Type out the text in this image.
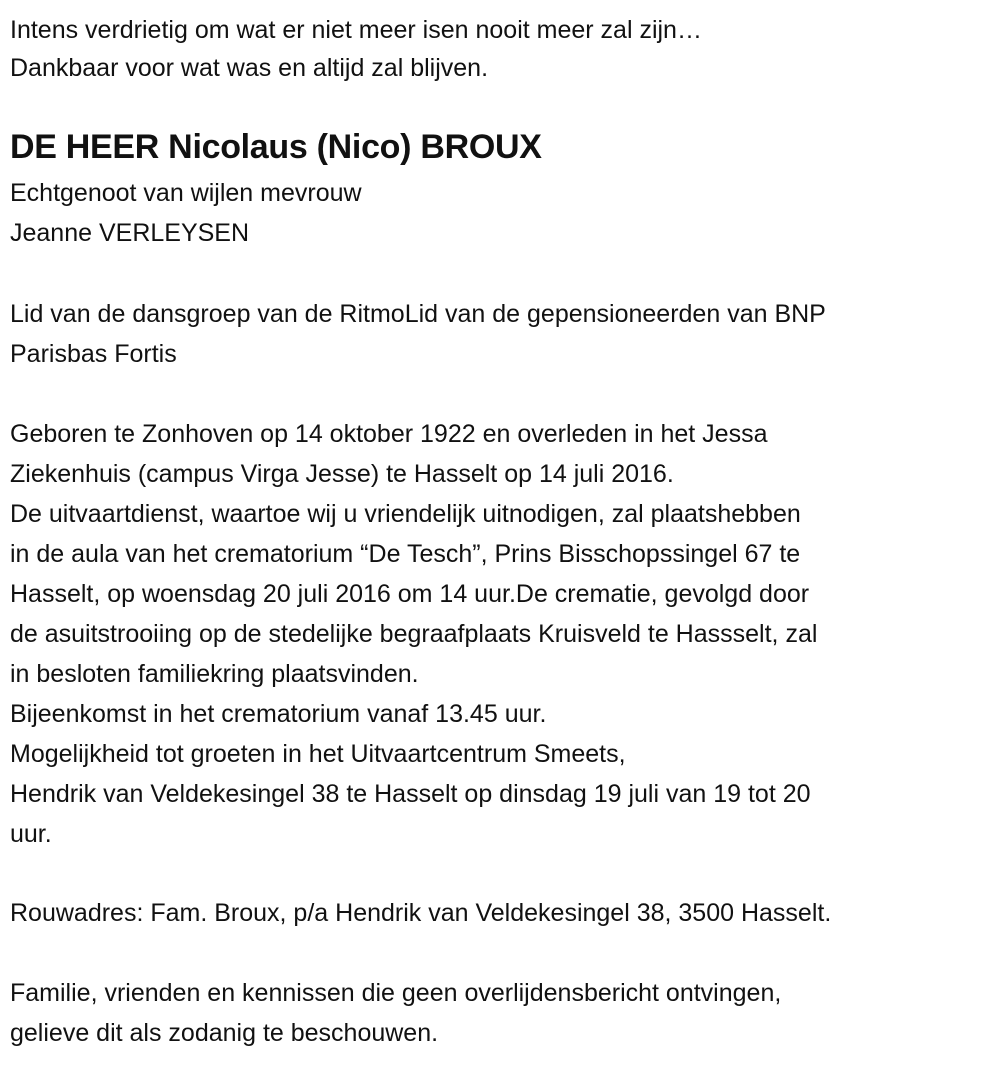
Intens verdrietig om wat er niet meer isen nooit meer zal zijn…
Dankbaar voor wat was en altijd zal blijven.
DE HEER Nicolaus (Nico) BROUX
Echtgenoot van wijlen mevrouw
Jeanne VERLEYSEN
Lid van de dansgroep van de RitmoLid van de gepensioneerden van BNP
Parisbas Fortis
Geboren te Zonhoven op 14 oktober 1922 en overleden in het Jessa
Ziekenhuis (campus Virga Jesse) te Hasselt op 14 juli 2016.
De uitvaartdienst, waartoe wij u vriendelijk uitnodigen, zal plaatshebben
in de aula van het crematorium “De Tesch”, Prins Bisschopssingel 67 te
Hasselt, op woensdag 20 juli 2016 om 14 uur.De crematie, gevolgd door
de asuitstrooiing op de stedelijke begraafplaats Kruisveld te Hassselt, zal
in besloten familiekring plaatsvinden.
Bijeenkomst in het crematorium vanaf 13.45 uur.
Mogelijkheid tot groeten in het Uitvaartcentrum Smeets,
Hendrik van Veldekesingel 38 te Hasselt op dinsdag 19 juli van 19 tot 20
uur.
Rouwadres: Fam. Broux, p/a Hendrik van Veldekesingel 38, 3500 Hasselt.
Familie, vrienden en kennissen die geen overlijdensbericht ontvingen,
gelieve dit als zodanig te beschouwen.
